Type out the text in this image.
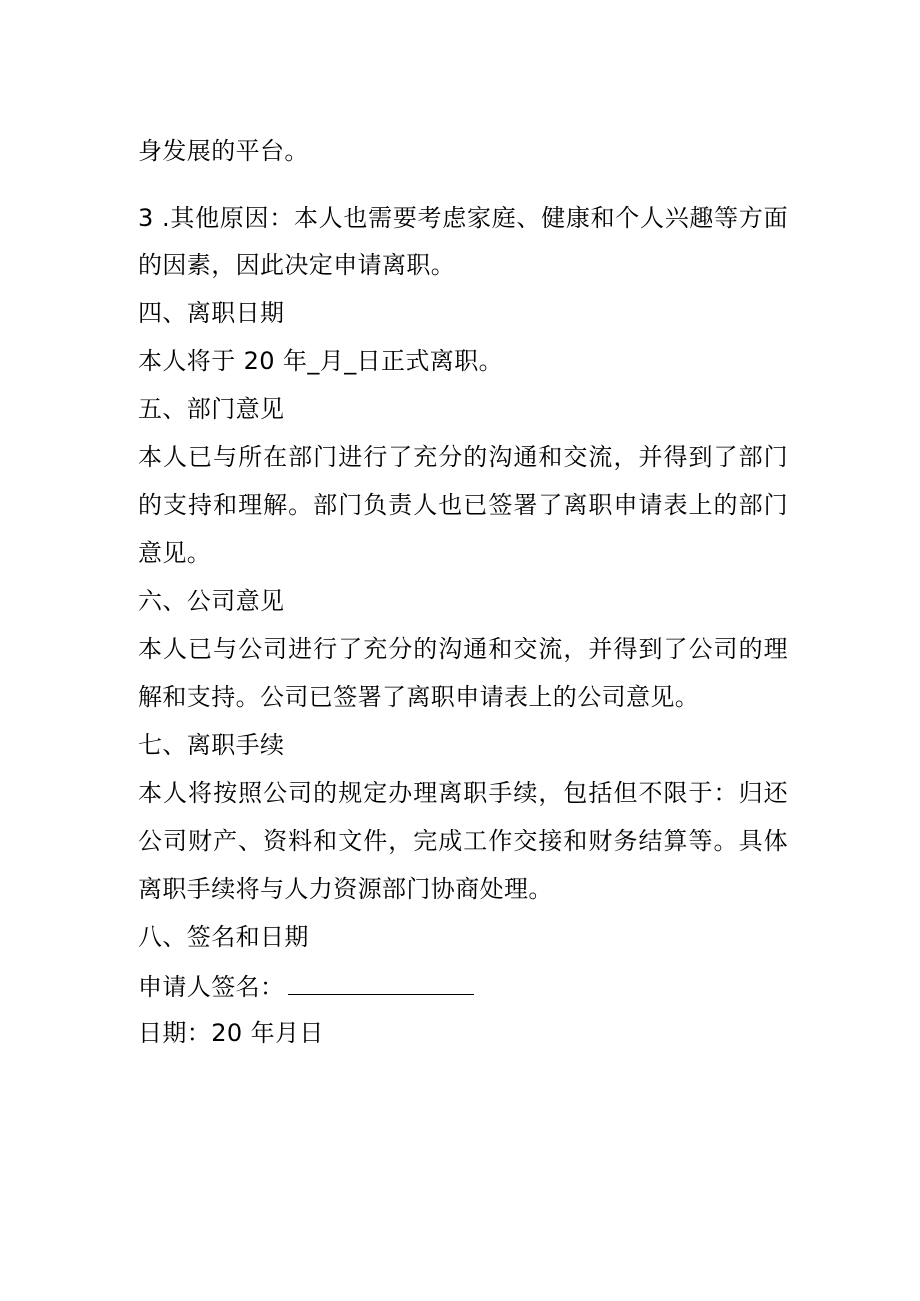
身发展的平台。
3 .其他原因：本人也需要考虑家庭、健康和个人兴趣等方面
的因素，因此决定申请离职。
四、离职日期
本人将于 20 年_月_日正式离职。
五、部门意见
本人已与所在部门进行了充分的沟通和交流，并得到了部门
的支持和理解。部门负责人也已签署了离职申请表上的部门
意见。
六、公司意见
本人已与公司进行了充分的沟通和交流，并得到了公司的理
解和支持。公司已签署了离职申请表上的公司意见。
七、离职手续
本人将按照公司的规定办理离职手续，包括但不限于：归还
公司财产、资料和文件，完成工作交接和财务结算等。具体
离职手续将与人力资源部门协商处理。
八、签名和日期
申请人签名：
日期：20 年月日
